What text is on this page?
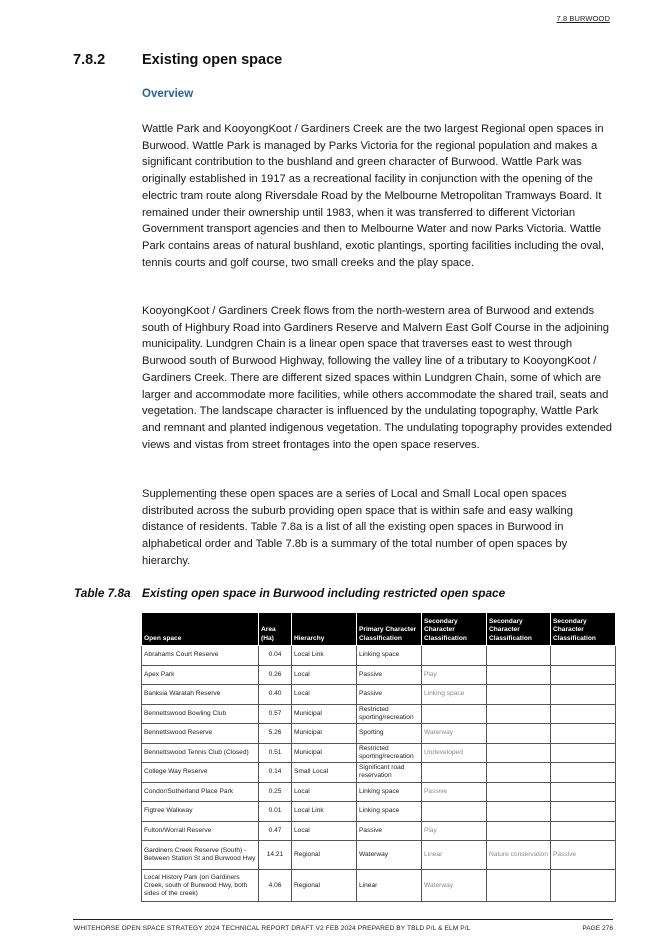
7.8 BURWOOD
7.8.2	Existing open space
Overview
Wattle Park and KooyongKoot / Gardiners Creek are the two largest Regional open spaces in Burwood. Wattle Park is managed by Parks Victoria for the regional population and makes a significant contribution to the bushland and green character of Burwood. Wattle Park was originally established in 1917 as a recreational facility in conjunction with the opening of the electric tram route along Riversdale Road by the Melbourne Metropolitan Tramways Board. It remained under their ownership until 1983, when it was transferred to different Victorian Government transport agencies and then to Melbourne Water and now Parks Victoria. Wattle Park contains areas of natural bushland, exotic plantings, sporting facilities including the oval, tennis courts and golf course, two small creeks and the play space.
KooyongKoot / Gardiners Creek flows from the north-western area of Burwood and extends south of Highbury Road into Gardiners Reserve and Malvern East Golf Course in the adjoining municipality. Lundgren Chain is a linear open space that traverses east to west through Burwood south of Burwood Highway, following the valley line of a tributary to KooyongKoot / Gardiners Creek. There are different sized spaces within Lundgren Chain, some of which are larger and accommodate more facilities, while others accommodate the shared trail, seats and vegetation. The landscape character is influenced by the undulating topography, Wattle Park and remnant and planted indigenous vegetation. The undulating topography provides extended views and vistas from street frontages into the open space reserves.
Supplementing these open spaces are a series of Local and Small Local open spaces distributed across the suburb providing open space that is within safe and easy walking distance of residents. Table 7.8a is a list of all the existing open spaces in Burwood in alphabetical order and Table 7.8b is a summary of the total number of open spaces by hierarchy.
Table 7.8a Existing open space in Burwood including restricted open space
Open space	Area (Ha)	Hierarchy	Primary Character Classification	Secondary Character Classification	Secondary Character Classification	Secondary Character Classification
Abrahams Court Reserve	0.04	Local Link	Linking space			
Apex Park	0.26	Local	Passive	Play		
Banksia Waratah Reserve	0.40	Local	Passive	Linking space		
Bennettswood Bowling Club	0.57	Municipal	Restricted sporting/recreation			
Bennettswood Reserve	5.26	Municipal	Sporting	Waterway		
Bennettswood Tennis Club (Closed)	0.51	Municipal	Restricted sporting/recreation	Undeveloped		
College Way Reserve	0.14	Small Local	Significant road reservation			
Condor/Sutherland Place Park	0.25	Local	Linking space	Passive		
Figtree Walkway	0.01	Local Link	Linking space			
Fulton/Worrall Reserve	0.47	Local	Passive	Play		
Gardiners Creek Reserve (South) - Between Station St and Burwood Hwy	14.21	Regional	Waterway	Linear	Nature conservation	Passive
Local History Park (on Gardiners Creek, south of Burwood Hwy, both sides of the creek)	4.06	Regional	Linear	Waterway		
WHITEHORSE OPEN SPACE STRATEGY 2024 TECHNICAL REPORT DRAFT V2 FEB 2024 PREPARED BY TBLD P/L & ELM P/L	PAGE 276
